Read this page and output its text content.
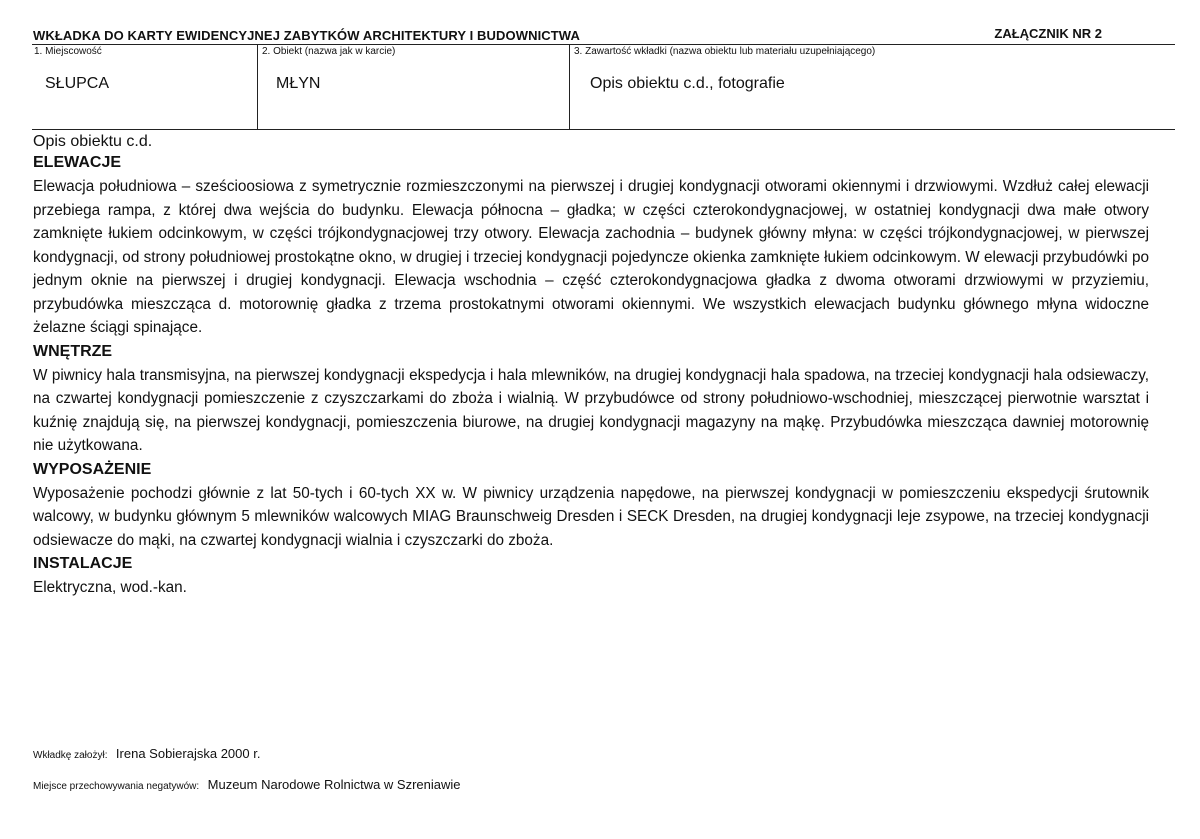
WKŁADKA DO KARTY EWIDENCYJNEJ ZABYTKÓW ARCHITEKTURY I BUDOWNICTWA	ZAŁĄCZNIK NR 2
1. Miejscowość
SŁUPCA
2. Obiekt (nazwa jak w karcie)
MŁYN
3. Zawartość wkładki (nazwa obiektu lub materiału uzupełniającego)
Opis obiektu c.d., fotografie
Opis obiektu c.d.
ELEWACJE
Elewacja południowa – sześcioosiowa z symetrycznie rozmieszczonymi na pierwszej i drugiej kondygnacji otworami okiennymi i drzwiowymi. Wzdłuż całej elewacji przebiega rampa, z której dwa wejścia do budynku. Elewacja północna – gładka; w części czterokondygnacjowej, w ostatniej kondygnacji dwa małe otwory zamknięte łukiem odcinkowym, w części trójkondygnacjowej trzy otwory. Elewacja zachodnia – budynek główny młyna: w części trójkondygnacjowej, w pierwszej kondygnacji, od strony południowej prostokątne okno, w drugiej i trzeciej kondygnacji pojedyncze okienka zamknięte łukiem odcinkowym. W elewacji przybudówki po jednym oknie na pierwszej i drugiej kondygnacji. Elewacja wschodnia – część czterokondygnacjowa gładka z dwoma otworami drzwiowymi w przyziemiu, przybudówka mieszcząca d. motorownię gładka z trzema prostokatnymi otworami okiennymi. We wszystkich elewacjach budynku głównego młyna widoczne żelazne ściągi spinające.
WNĘTRZE
W piwnicy hala transmisyjna, na pierwszej kondygnacji ekspedycja i hala mlewników, na drugiej kondygnacji hala spadowa, na trzeciej kondygnacji hala odsiewaczy, na czwartej kondygnacji pomieszczenie z czyszczarkami do zboża i wialnią. W przybudówce od strony południowo-wschodniej, mieszczącej pierwotnie warsztat i kuźnię znajdują się, na pierwszej kondygnacji, pomieszczenia biurowe, na drugiej kondygnacji magazyny na mąkę. Przybudówka mieszcząca dawniej motorownię nie użytkowana.
WYPOSAŻENIE
Wyposażenie pochodzi głównie z lat 50-tych i 60-tych XX w. W piwnicy urządzenia napędowe, na pierwszej kondygnacji w pomieszczeniu ekspedycji śrutownik walcowy, w budynku głównym 5 mlewników walcowych MIAG Braunschweig Dresden i SECK Dresden, na drugiej kondygnacji leje zsypowe, na trzeciej kondygnacji odsiewacze do mąki, na czwartej kondygnacji wialnia i czyszczarki do zboża.
INSTALACJE
Elektryczna, wod.-kan.
Wkładkę założył: Irena Sobierajska 2000 r.
Miejsce przechowywania negatywów: Muzeum Narodowe Rolnictwa w Szreniawie
